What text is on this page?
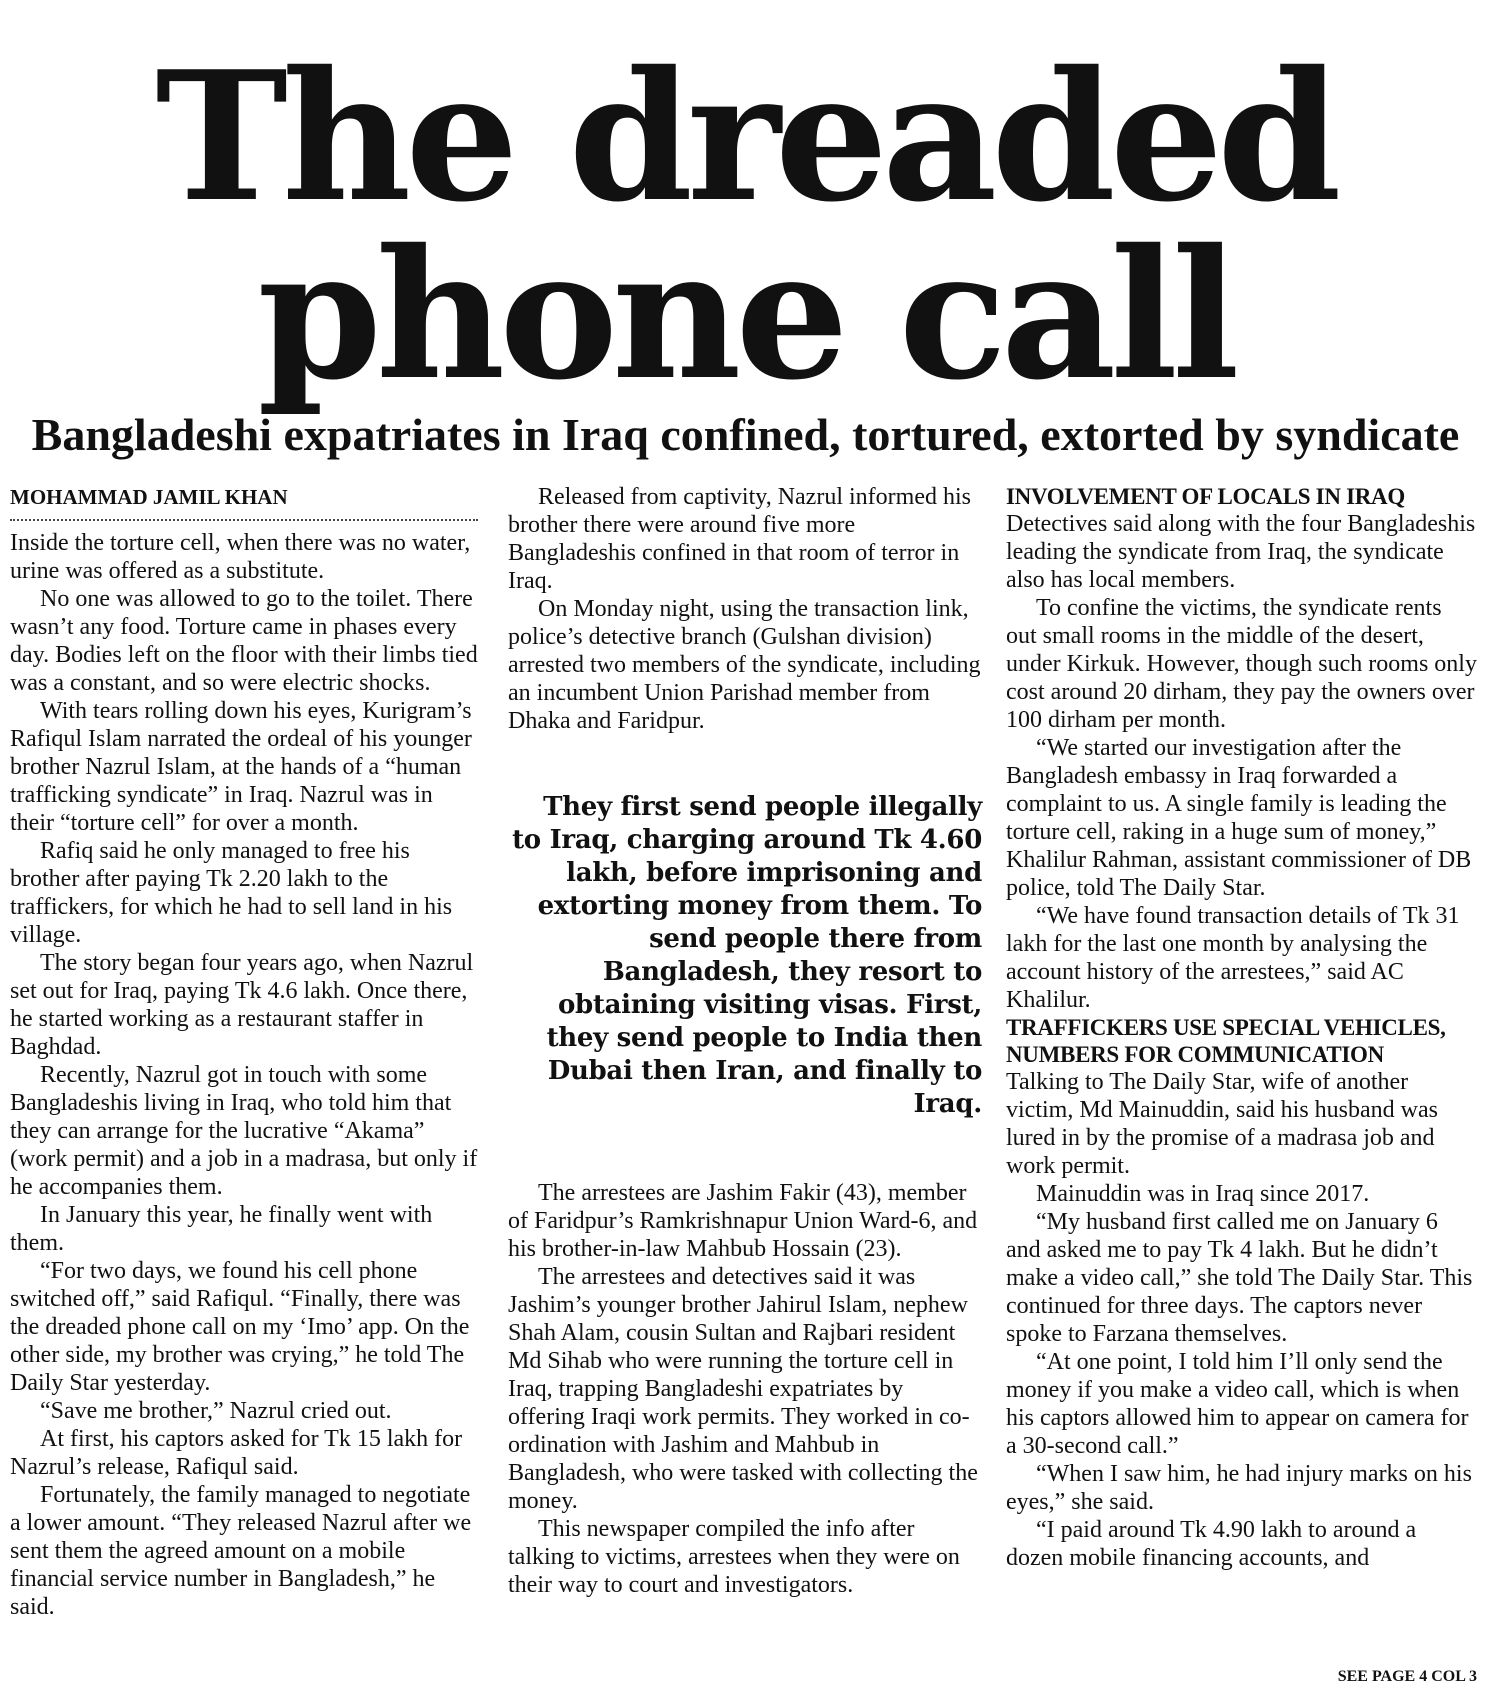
The dreaded
phone call
Bangladeshi expatriates in Iraq confined, tortured, extorted by syndicate
MOHAMMAD JAMIL KHAN

Inside the torture cell, when there was no water, urine was offered as a substitute.

No one was allowed to go to the toilet. There wasn’t any food. Torture came in phases every day. Bodies left on the floor with their limbs tied was a constant, and so were electric shocks.

With tears rolling down his eyes, Kurigram’s Rafiqul Islam narrated the ordeal of his younger brother Nazrul Islam, at the hands of a “human trafficking syndicate” in Iraq. Nazrul was in their “torture cell” for over a month.

Rafiq said he only managed to free his brother after paying Tk 2.20 lakh to the traffickers, for which he had to sell land in his village.

The story began four years ago, when Nazrul set out for Iraq, paying Tk 4.6 lakh. Once there, he started working as a restaurant staffer in Baghdad.

Recently, Nazrul got in touch with some Bangladeshis living in Iraq, who told him that they can arrange for the lucrative “Akama” (work permit) and a job in a madrasa, but only if he accompanies them.

In January this year, he finally went with them.

“For two days, we found his cell phone switched off,” said Rafiqul. “Finally, there was the dreaded phone call on my ‘Imo’ app. On the other side, my brother was crying,” he told The Daily Star yesterday.

“Save me brother,” Nazrul cried out.

At first, his captors asked for Tk 15 lakh for Nazrul’s release, Rafiqul said.

Fortunately, the family managed to negotiate a lower amount. “They released Nazrul after we sent them the agreed amount on a mobile financial service number in Bangladesh,” he said.

Released from captivity, Nazrul informed his brother there were around five more Bangladeshis confined in that room of terror in Iraq.

On Monday night, using the transaction link, police’s detective branch (Gulshan division) arrested two members of the syndicate, including an incumbent Union Parishad member from Dhaka and Faridpur.

They first send people illegally to Iraq, charging around Tk 4.60 lakh, before imprisoning and extorting money from them. To send people there from Bangladesh, they resort to obtaining visiting visas. First, they send people to India then Dubai then Iran, and finally to Iraq.

The arrestees are Jashim Fakir (43), member of Faridpur’s Ramkrishnapur Union Ward-6, and his brother-in-law Mahbub Hossain (23).

The arrestees and detectives said it was Jashim’s younger brother Jahirul Islam, nephew Shah Alam, cousin Sultan and Rajbari resident Md Sihab who were running the torture cell in Iraq, trapping Bangladeshi expatriates by offering Iraqi work permits. They worked in co-ordination with Jashim and Mahbub in Bangladesh, who were tasked with collecting the money.

This newspaper compiled the info after talking to victims, arrestees when they were on their way to court and investigators.

INVOLVEMENT OF LOCALS IN IRAQ

Detectives said along with the four Bangladeshis leading the syndicate from Iraq, the syndicate also has local members.

To confine the victims, the syndicate rents out small rooms in the middle of the desert, under Kirkuk. However, though such rooms only cost around 20 dirham, they pay the owners over 100 dirham per month.

“We started our investigation after the Bangladesh embassy in Iraq forwarded a complaint to us. A single family is leading the torture cell, raking in a huge sum of money,” Khalilur Rahman, assistant commissioner of DB police, told The Daily Star.

“We have found transaction details of Tk 31 lakh for the last one month by analysing the account history of the arrestees,” said AC Khalilur.

TRAFFICKERS USE SPECIAL VEHICLES, NUMBERS FOR COMMUNICATION

Talking to The Daily Star, wife of another victim, Md Mainuddin, said his husband was lured in by the promise of a madrasa job and work permit.

Mainuddin was in Iraq since 2017.

“My husband first called me on January 6 and asked me to pay Tk 4 lakh. But he didn’t make a video call,” she told The Daily Star. This continued for three days. The captors never spoke to Farzana themselves.

“At one point, I told him I’ll only send the money if you make a video call, which is when his captors allowed him to appear on camera for a 30-second call.”

“When I saw him, he had injury marks on his eyes,” she said.

“I paid around Tk 4.90 lakh to around a dozen mobile financing accounts, and

SEE PAGE 4 COL 3
